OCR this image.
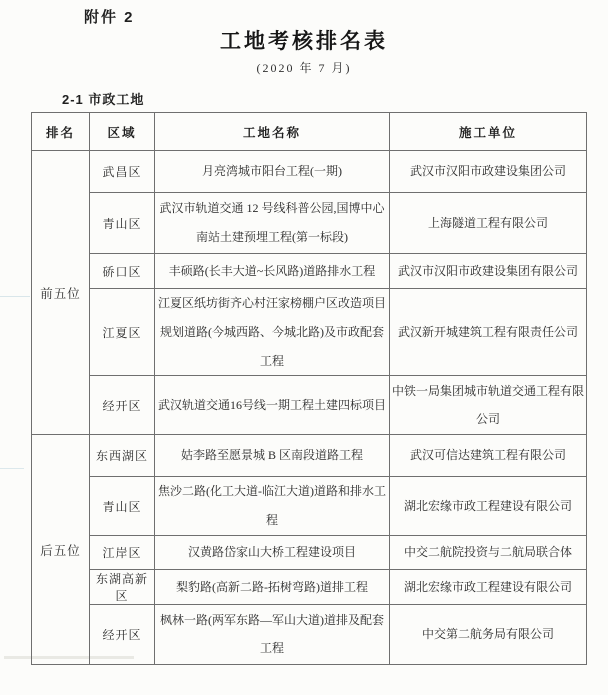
附件 2
工地考核排名表
(2020 年 7 月)
2-1 市政工地
排名	区域	工地名称	施工单位
前五位	武昌区	月亮湾城市阳台工程(一期)	武汉市汉阳市政建设集团公司
	青山区	武汉市轨道交通 12 号线科普公园,国博中心南站土建预埋工程(第一标段)	上海隧道工程有限公司
	硚口区	丰硕路(长丰大道~长风路)道路排水工程	武汉市汉阳市政建设集团有限公司
	江夏区	江夏区纸坊街齐心村汪家榜棚户区改造项目规划道路(今城西路、今城北路)及市政配套工程	武汉新开城建筑工程有限责任公司
	经开区	武汉轨道交通16号线一期工程土建四标项目	中铁一局集团城市轨道交通工程有限公司
后五位	东西湖区	姑李路至愿景城 B 区南段道路工程	武汉可信达建筑工程有限公司
	青山区	焦沙二路(化工大道-临江大道)道路和排水工程	湖北宏缘市政工程建设有限公司
	江岸区	汉黄路岱家山大桥工程建设项目	中交二航院投资与二航局联合体
	东湖高新区	梨豹路(高新二路-拓树弯路)道排工程	湖北宏缘市政工程建设有限公司
	经开区	枫林一路(两军东路—军山大道)道排及配套工程	中交第二航务局有限公司
